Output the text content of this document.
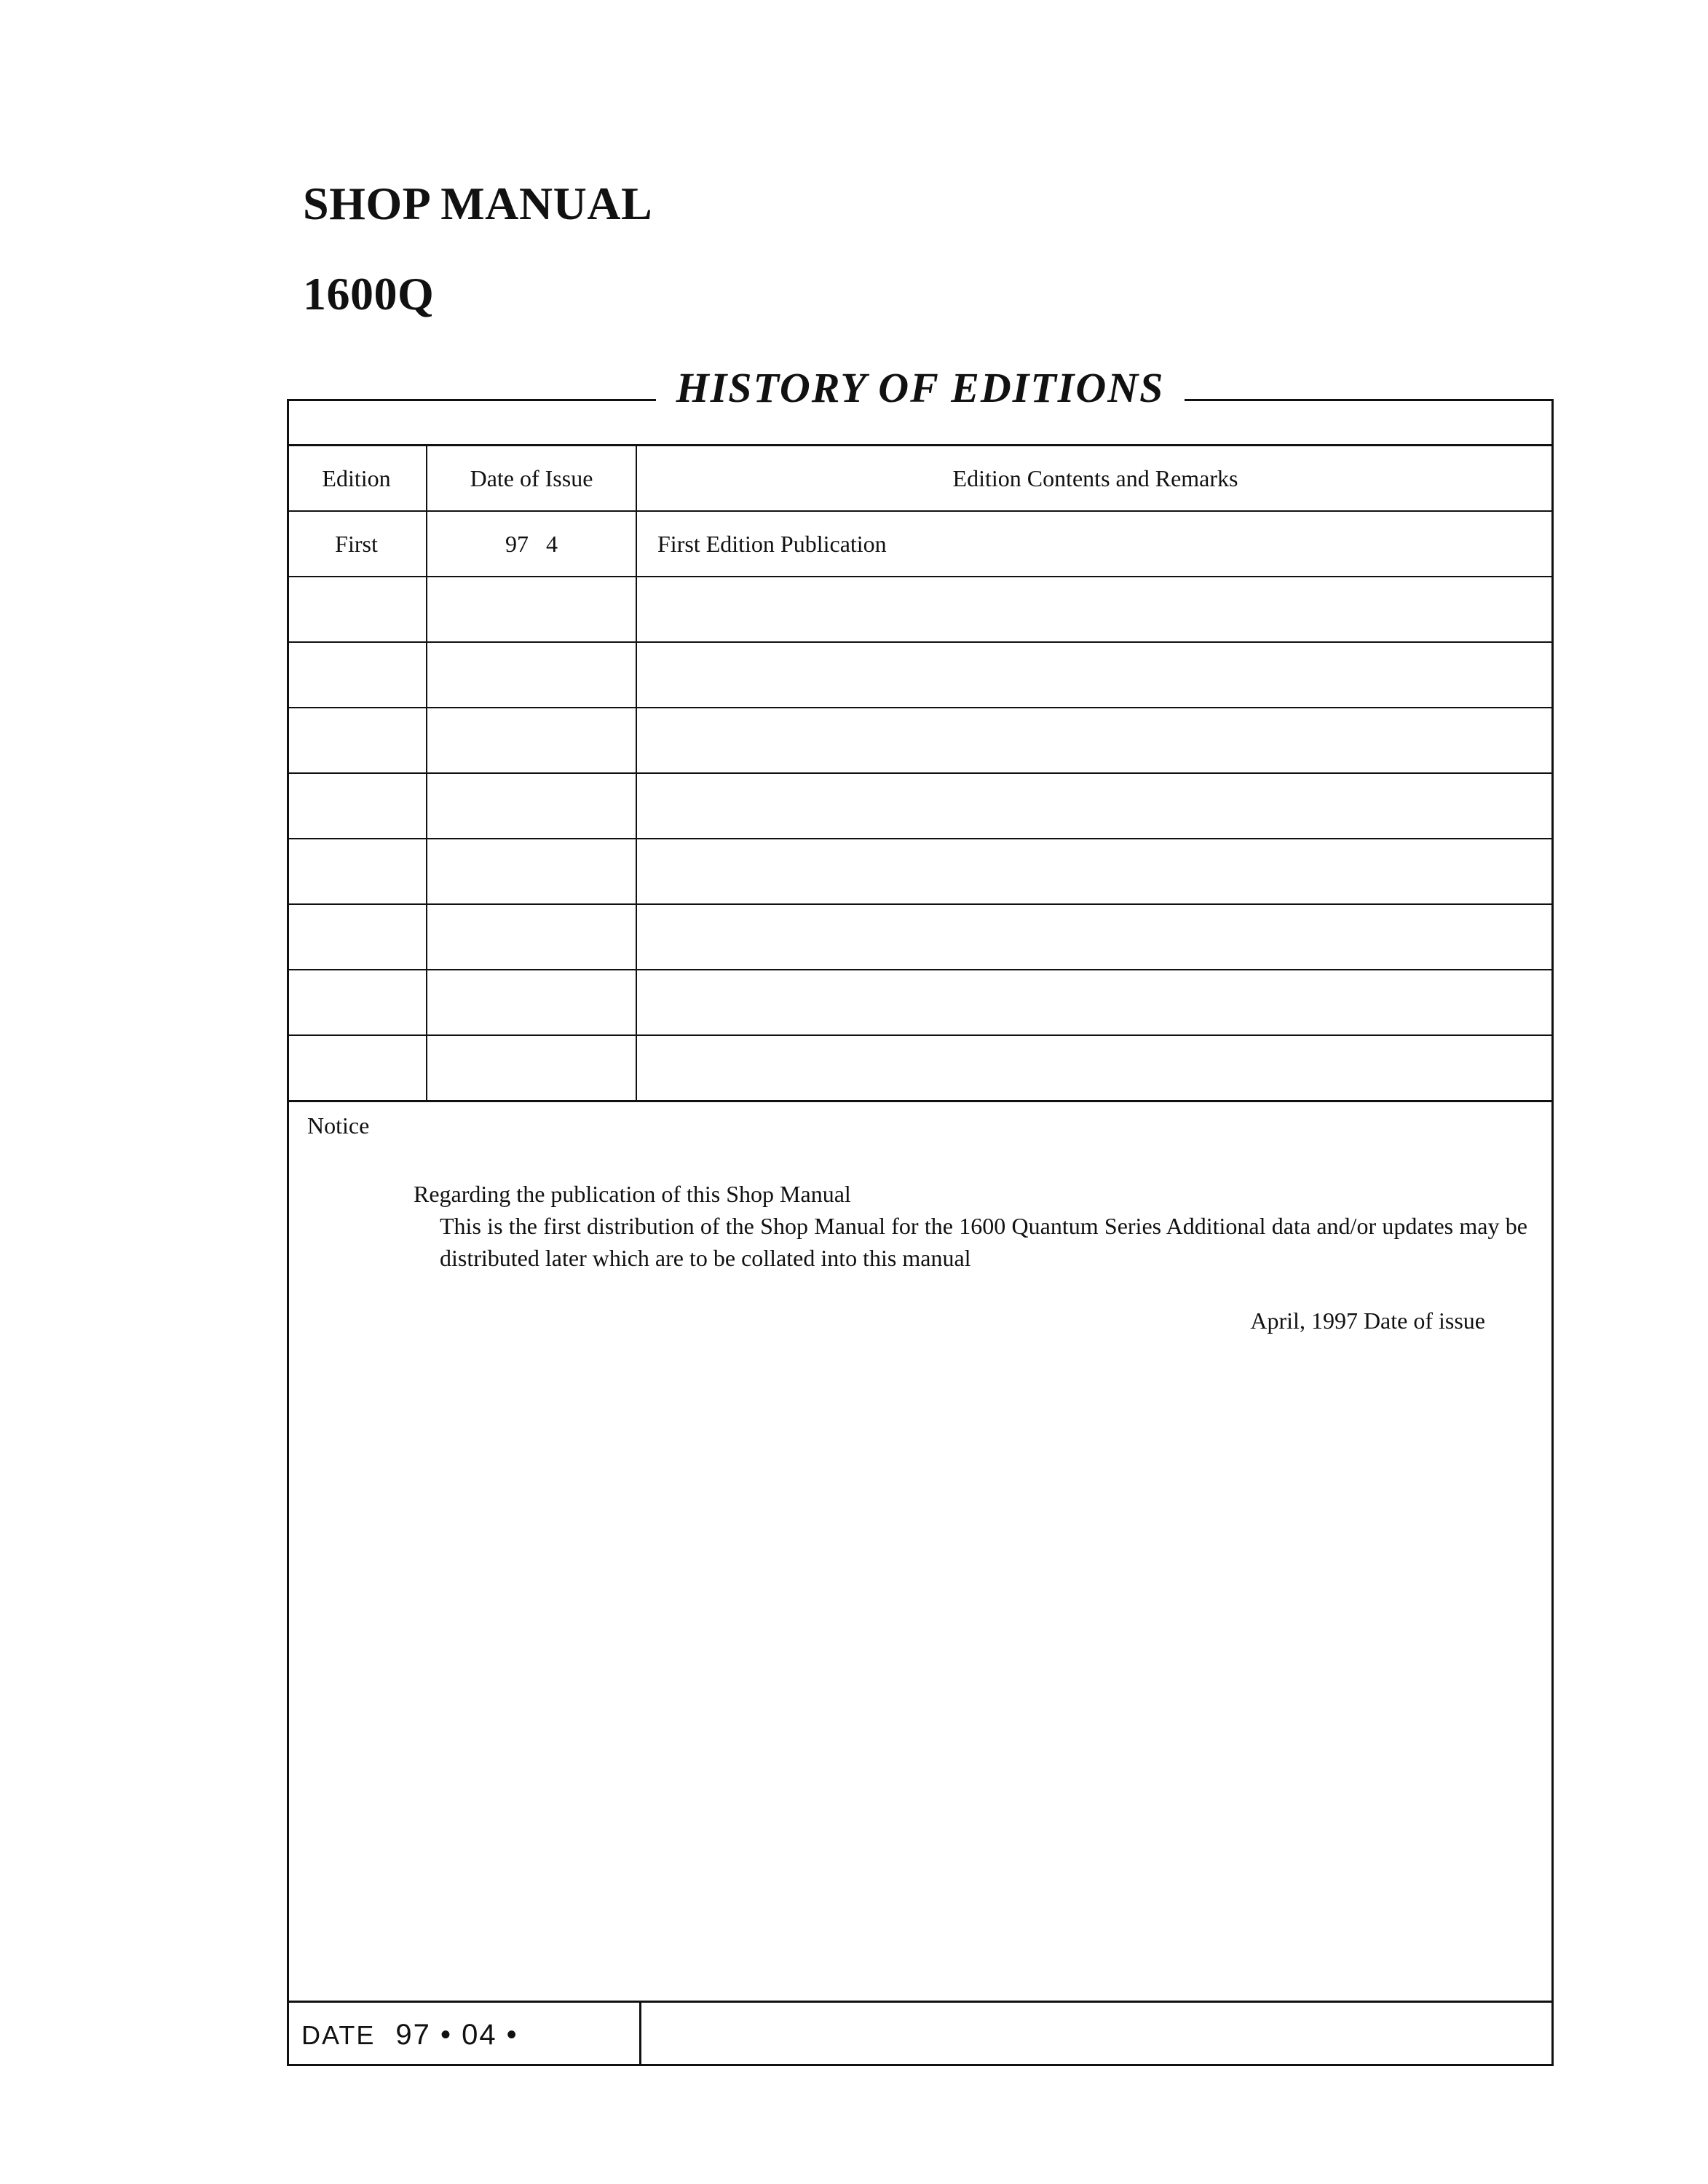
SHOP MANUAL
1600Q
HISTORY OF EDITIONS
Edition	Date of Issue	Edition Contents and Remarks
First	97   4	First Edition Publication

Notice

Regarding the publication of this Shop Manual

This is the first distribution of the Shop Manual for the 1600 Quantum Series Additional data and/or updates may be distributed later which are to be collated into this manual

April, 1997 Date of issue
DATE 97 • 04 •
